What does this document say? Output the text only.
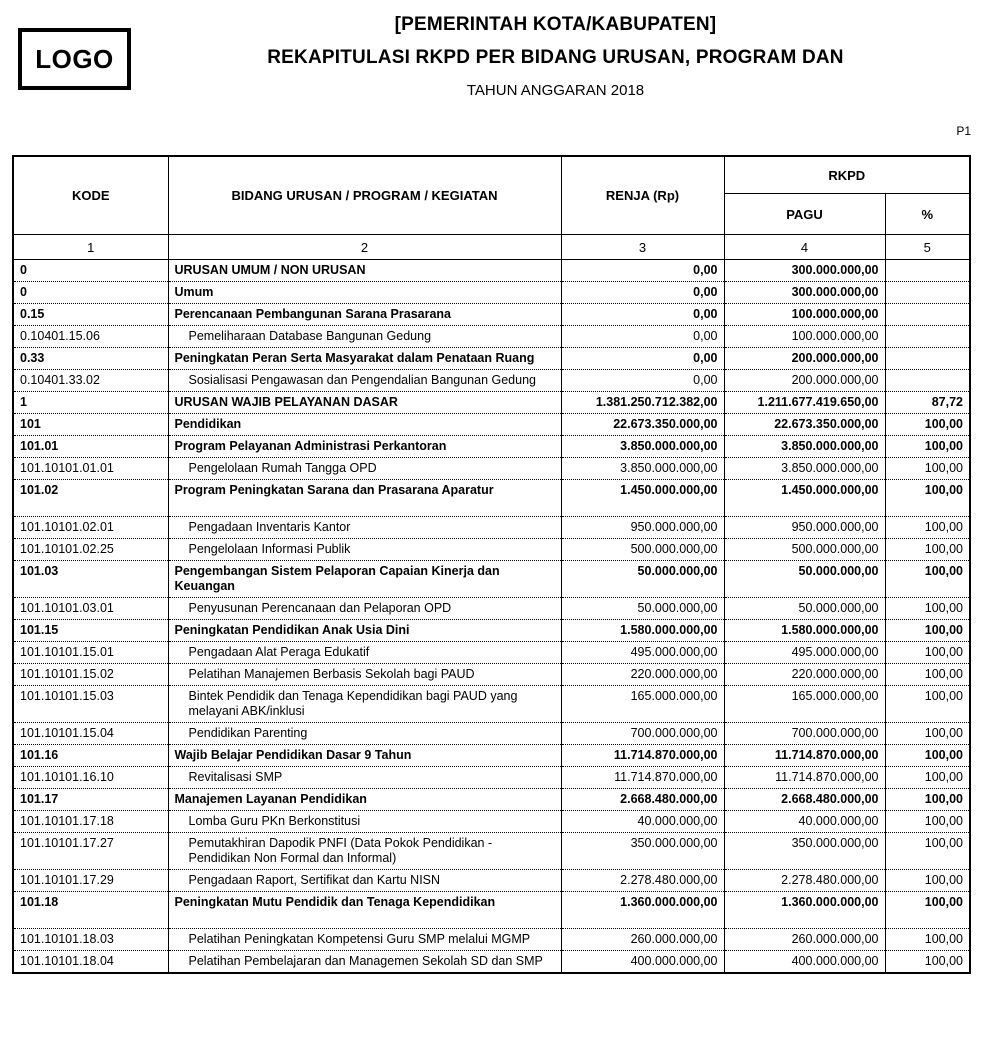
LOGO
[PEMERINTAH KOTA/KABUPATEN]
REKAPITULASI RKPD PER BIDANG URUSAN, PROGRAM DAN
TAHUN ANGGARAN 2018
P1
KODE	BIDANG URUSAN / PROGRAM / KEGIATAN	RENJA (Rp)	RKPD	
			PAGU	%
1	2	3	4	5
0	URUSAN UMUM / NON URUSAN	0,00	300.000.000,00	
0	Umum	0,00	300.000.000,00	
0.15	Perencanaan Pembangunan Sarana Prasarana	0,00	100.000.000,00	
0.10401.15.06	Pemeliharaan Database Bangunan Gedung	0,00	100.000.000,00	
0.33	Peningkatan Peran Serta Masyarakat dalam Penataan Ruang	0,00	200.000.000,00	
0.10401.33.02	Sosialisasi Pengawasan dan Pengendalian Bangunan Gedung	0,00	200.000.000,00	
1	URUSAN WAJIB PELAYANAN DASAR	1.381.250.712.382,00	1.211.677.419.650,00	87,72
101	Pendidikan	22.673.350.000,00	22.673.350.000,00	100,00
101.01	Program Pelayanan Administrasi Perkantoran	3.850.000.000,00	3.850.000.000,00	100,00
101.10101.01.01	Pengelolaan Rumah Tangga OPD	3.850.000.000,00	3.850.000.000,00	100,00
101.02	Program Peningkatan Sarana dan Prasarana Aparatur	1.450.000.000,00	1.450.000.000,00	100,00
101.10101.02.01	Pengadaan Inventaris Kantor	950.000.000,00	950.000.000,00	100,00
101.10101.02.25	Pengelolaan Informasi Publik	500.000.000,00	500.000.000,00	100,00
101.03	Pengembangan Sistem Pelaporan Capaian Kinerja dan Keuangan	50.000.000,00	50.000.000,00	100,00
101.10101.03.01	Penyusunan Perencanaan dan Pelaporan OPD	50.000.000,00	50.000.000,00	100,00
101.15	Peningkatan Pendidikan Anak Usia Dini	1.580.000.000,00	1.580.000.000,00	100,00
101.10101.15.01	Pengadaan Alat Peraga Edukatif	495.000.000,00	495.000.000,00	100,00
101.10101.15.02	Pelatihan Manajemen Berbasis Sekolah bagi PAUD	220.000.000,00	220.000.000,00	100,00
101.10101.15.03	Bintek Pendidik dan Tenaga Kependidikan bagi PAUD yang melayani ABK/inklusi	165.000.000,00	165.000.000,00	100,00
101.10101.15.04	Pendidikan Parenting	700.000.000,00	700.000.000,00	100,00
101.16	Wajib Belajar Pendidikan Dasar 9 Tahun	11.714.870.000,00	11.714.870.000,00	100,00
101.10101.16.10	Revitalisasi SMP	11.714.870.000,00	11.714.870.000,00	100,00
101.17	Manajemen Layanan Pendidikan	2.668.480.000,00	2.668.480.000,00	100,00
101.10101.17.18	Lomba Guru PKn Berkonstitusi	40.000.000,00	40.000.000,00	100,00
101.10101.17.27	Pemutakhiran Dapodik PNFI (Data Pokok Pendidikan - Pendidikan Non Formal dan Informal)	350.000.000,00	350.000.000,00	100,00
101.10101.17.29	Pengadaan Raport, Sertifikat dan Kartu NISN	2.278.480.000,00	2.278.480.000,00	100,00
101.18	Peningkatan Mutu Pendidik dan Tenaga Kependidikan	1.360.000.000,00	1.360.000.000,00	100,00
101.10101.18.03	Pelatihan Peningkatan Kompetensi Guru SMP melalui MGMP	260.000.000,00	260.000.000,00	100,00
101.10101.18.04	Pelatihan Pembelajaran dan Managemen Sekolah SD dan SMP	400.000.000,00	400.000.000,00	100,00
